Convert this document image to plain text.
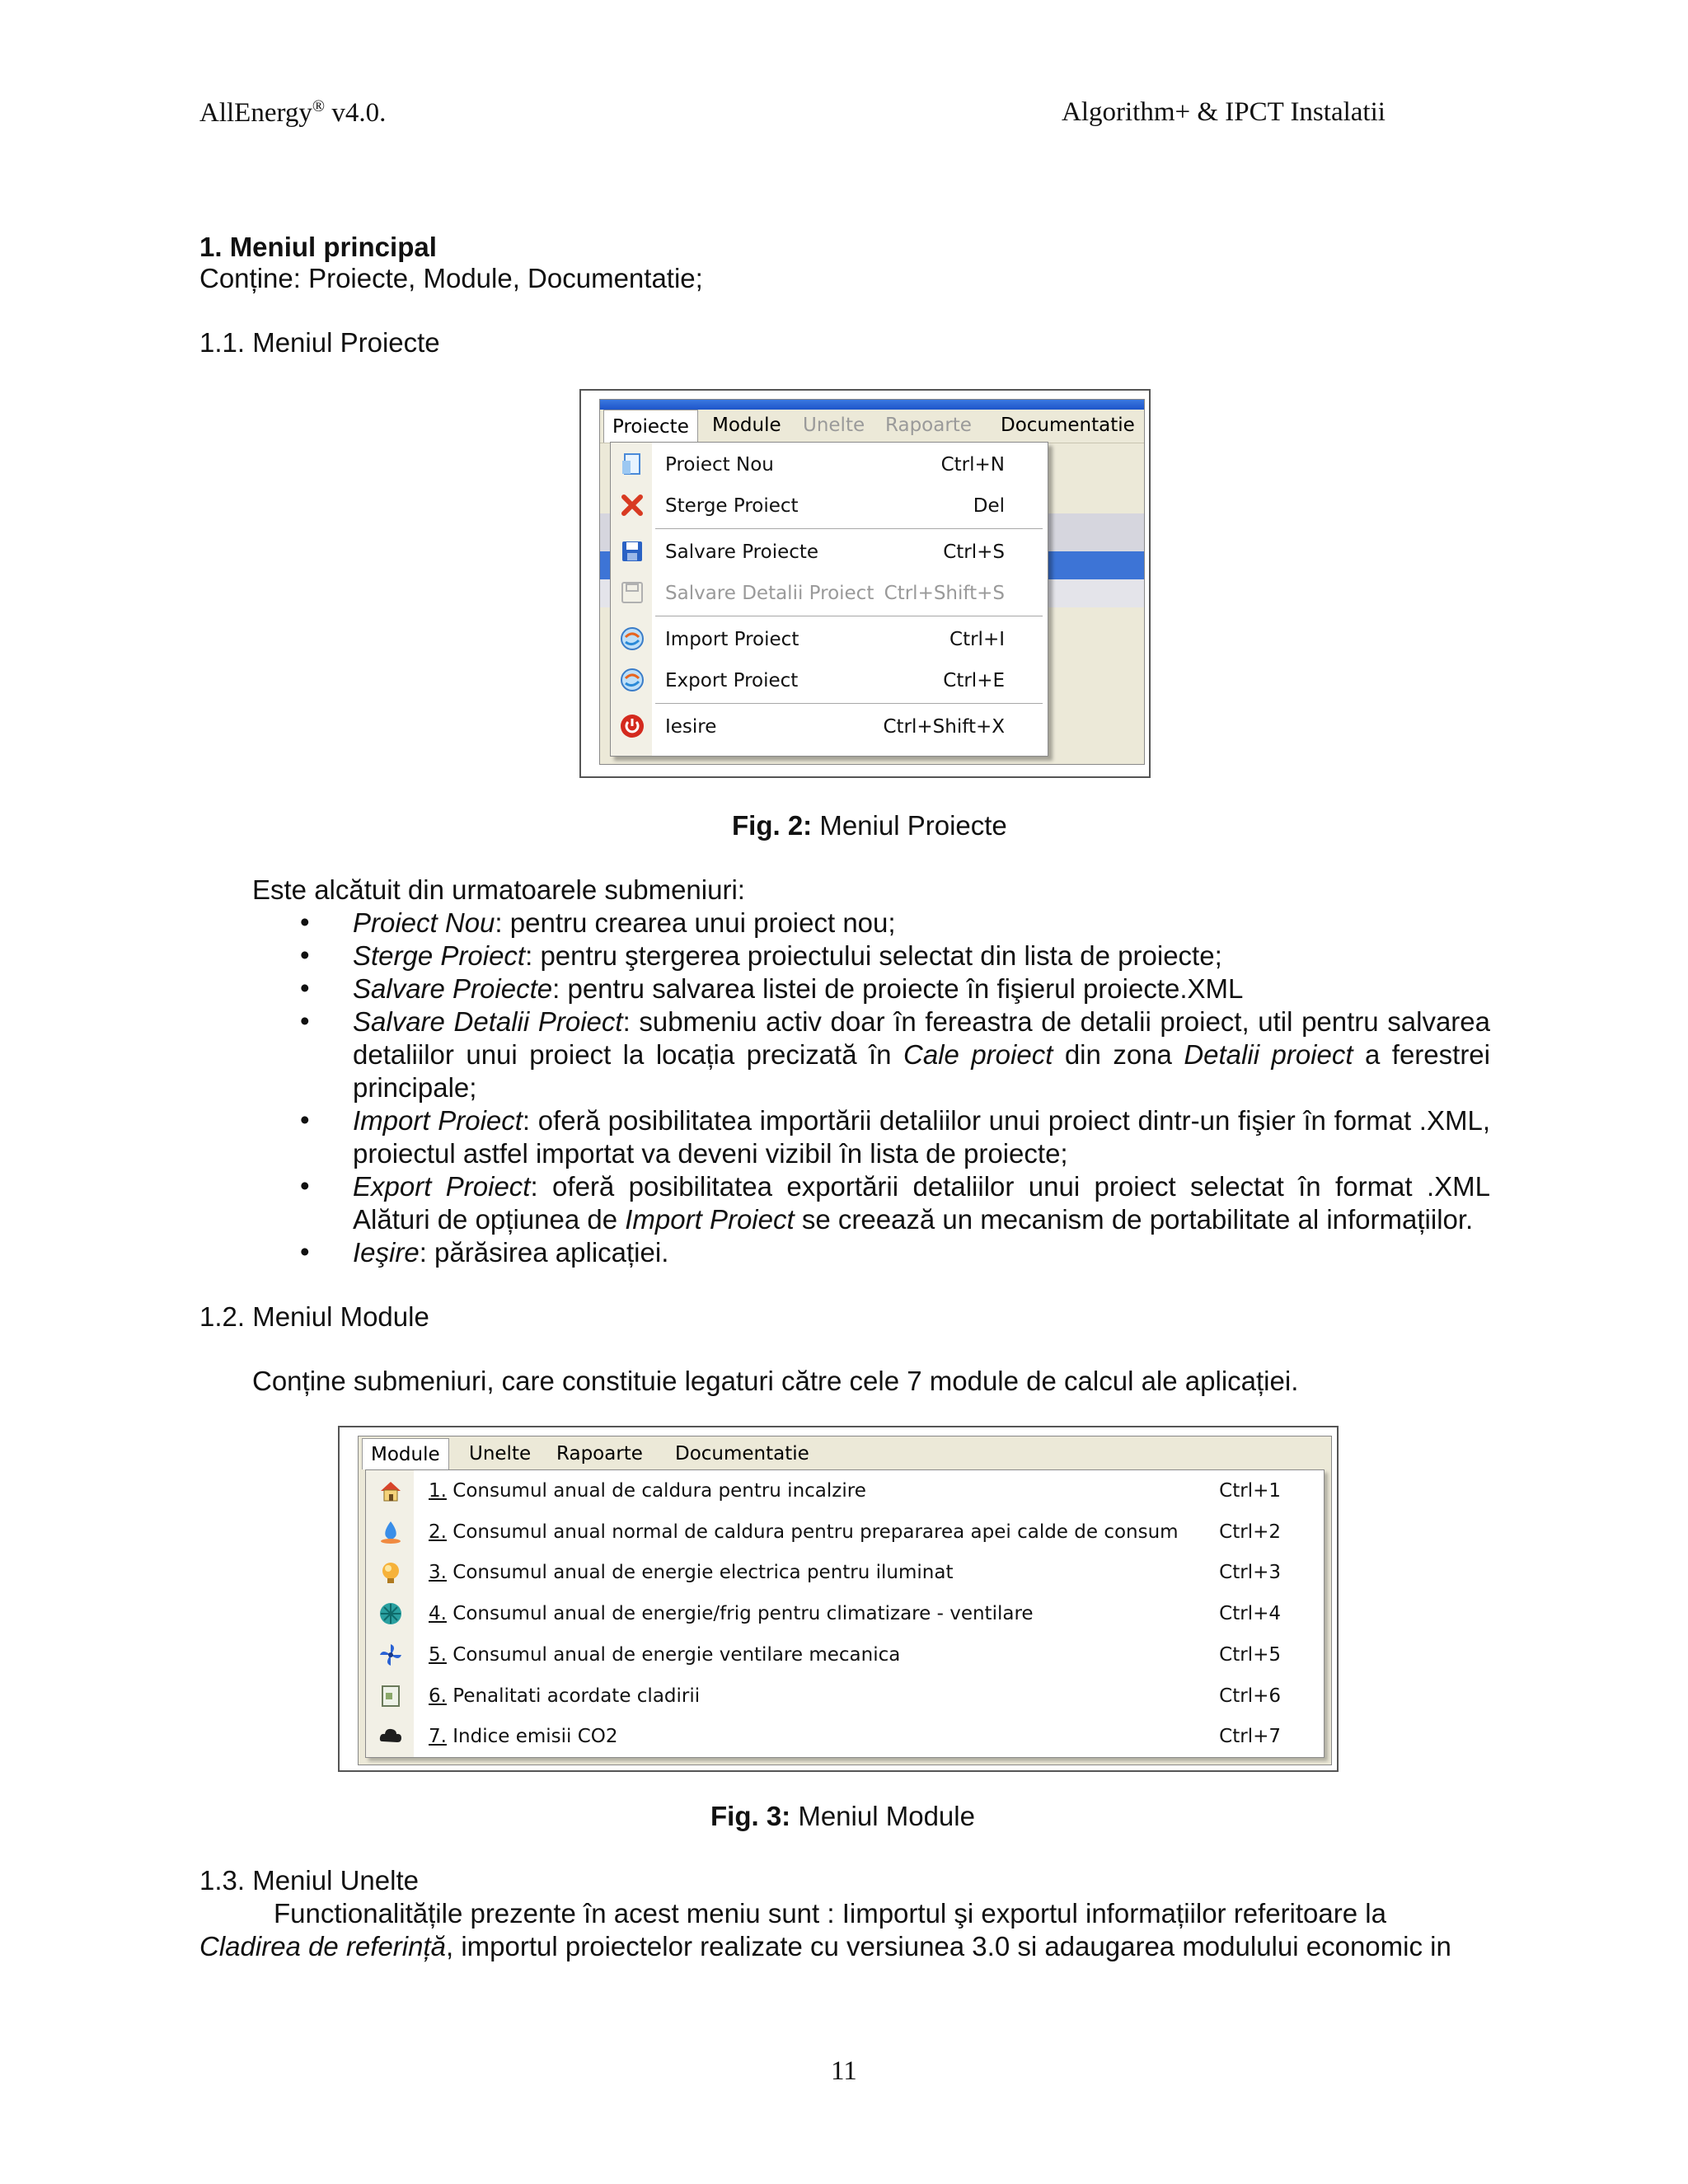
AllEnergy® v4.0.	Algorithm+ & IPCT Instalatii
1. Meniul principal
Conține: Proiecte, Module, Documentatie;
1.1. Meniul Proiecte
Proiecte	Module Unelte Rapoarte Documentatie
Proiect Nou	Ctrl+N
Sterge Proiect	Del
Salvare Proiecte	Ctrl+S
Salvare Detalii Proiect Ctrl+Shift+S
Import Proiect	Ctrl+I
Export Proiect	Ctrl+E
Iesire	Ctrl+Shift+X
Fig. 2: Meniul Proiecte
Este alcătuit din urmatoarele submeniuri:
• Proiect Nou: pentru crearea unui proiect nou;
• Sterge Proiect: pentru ştergerea proiectului selectat din lista de proiecte;
• Salvare Proiecte: pentru salvarea listei de proiecte în fişierul proiecte.XML
• Salvare Detalii Proiect: submeniu activ doar în fereastra de detalii proiect, util pentru salvarea detaliilor unui proiect la locația precizată în Cale proiect din zona Detalii proiect a ferestrei principale;
• Import Proiect: oferă posibilitatea importării detaliilor unui proiect dintr-un fişier în format .XML, proiectul astfel importat va deveni vizibil în lista de proiecte;
• Export Proiect: oferă posibilitatea exportării detaliilor unui proiect selectat în format .XML Alături de opțiunea de Import Proiect se creează un mecanism de portabilitate al informațiilor.
• Ieşire: părăsirea aplicației.
1.2. Meniul Module
Conține submeniuri, care constituie legaturi către cele 7 module de calcul ale aplicației.
Module	Unelte Rapoarte Documentatie
1. Consumul anual de caldura pentru incalzire	Ctrl+1
2. Consumul anual normal de caldura pentru prepararea apei calde de consum Ctrl+2
3. Consumul anual de energie electrica pentru iluminat	Ctrl+3
4. Consumul anual de energie/frig pentru climatizare - ventilare	Ctrl+4
5. Consumul anual de energie ventilare mecanica	Ctrl+5
6. Penalitati acordate cladirii	Ctrl+6
7. Indice emisii CO2	Ctrl+7
Fig. 3: Meniul Module
1.3. Meniul Unelte
Functionalitățile prezente în acest meniu sunt : Iimportul şi exportul informațiilor referitoare la
Cladirea de referință, importul proiectelor realizate cu versiunea 3.0 si adaugarea modulului economic in
11
